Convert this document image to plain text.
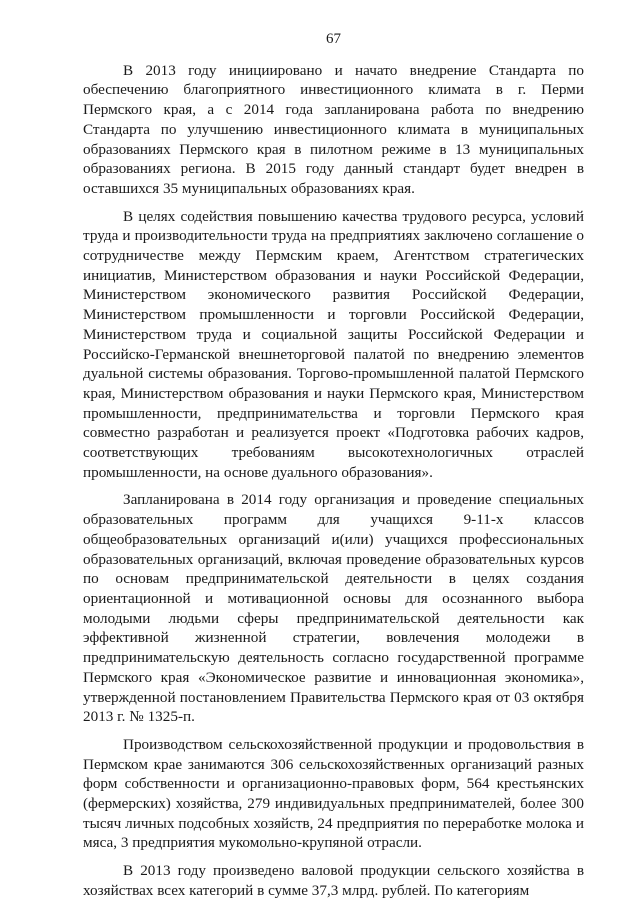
67

В 2013 году инициировано и начато внедрение Стандарта по обеспечению благоприятного инвестиционного климата в г. Перми Пермского края, а с 2014 года запланирована работа по внедрению Стандарта по улучшению инвестиционного климата в муниципальных образованиях Пермского края в пилотном режиме в 13 муниципальных образованиях региона. В 2015 году данный стандарт будет внедрен в оставшихся 35 муниципальных образованиях края.

В целях содействия повышению качества трудового ресурса, условий труда и производительности труда на предприятиях заключено соглашение о сотрудничестве между Пермским краем, Агентством стратегических инициатив, Министерством образования и науки Российской Федерации, Министерством экономического развития Российской Федерации, Министерством промышленности и торговли Российской Федерации, Министерством труда и социальной защиты Российской Федерации и Российско-Германской внешнеторговой палатой по внедрению элементов дуальной системы образования. Торгово-промышленной палатой Пермского края, Министерством образования и науки Пермского края, Министерством промышленности, предпринимательства и торговли Пермского края совместно разработан и реализуется проект «Подготовка рабочих кадров, соответствующих требованиям высокотехнологичных отраслей промышленности, на основе дуального образования».

Запланирована в 2014 году организация и проведение специальных образовательных программ для учащихся 9-11-х классов общеобразовательных организаций и(или) учащихся профессиональных образовательных организаций, включая проведение образовательных курсов по основам предпринимательской деятельности в целях создания ориентационной и мотивационной основы для осознанного выбора молодыми людьми сферы предпринимательской деятельности как эффективной жизненной стратегии, вовлечения молодежи в предпринимательскую деятельность согласно государственной программе Пермского края «Экономическое развитие и инновационная экономика», утвержденной постановлением Правительства Пермского края от 03 октября 2013 г. № 1325-п.

Производством сельскохозяйственной продукции и продовольствия в Пермском крае занимаются 306 сельскохозяйственных организаций разных форм собственности и организационно-правовых форм, 564 крестьянских (фермерских) хозяйства, 279 индивидуальных предпринимателей, более 300 тысяч личных подсобных хозяйств, 24 предприятия по переработке молока и мяса, 3 предприятия мукомольно-крупяной отрасли.

В 2013 году произведено валовой продукции сельского хозяйства в хозяйствах всех категорий в сумме 37,3 млрд. рублей. По категориям
